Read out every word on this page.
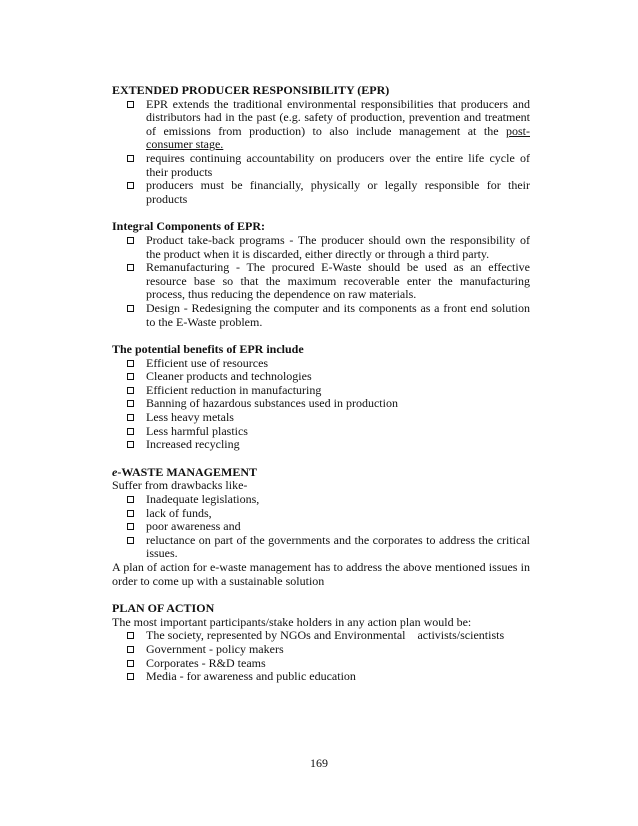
EXTENDED PRODUCER RESPONSIBILITY (EPR)

EPR extends the traditional environmental responsibilities that producers and distributors had in the past (e.g. safety of production, prevention and treatment of emissions from production) to also include management at the post-consumer stage.
requires continuing accountability on producers over the entire life cycle of their products
producers must be financially, physically or legally responsible for their products

Integral Components of EPR:

Product take-back programs - The producer should own the responsibility of the product when it is discarded, either directly or through a third party.
Remanufacturing - The procured E-Waste should be used as an effective resource base so that the maximum recoverable enter the manufacturing process, thus reducing the dependence on raw materials.
Design - Redesigning the computer and its components as a front end solution to the E-Waste problem.

The potential benefits of EPR include

Efficient use of resources
Cleaner products and technologies
Efficient reduction in manufacturing
Banning of hazardous substances used in production
Less heavy metals
Less harmful plastics
Increased recycling

e-WASTE MANAGEMENT

Suffer from drawbacks like-

Inadequate legislations,
lack of funds,
poor awareness and
reluctance on part of the governments and the corporates to address the critical issues.

A plan of action for e-waste management has to address the above mentioned issues in order to come up with a sustainable solution

PLAN OF ACTION

The most important participants/stake holders in any action plan would be:

The society, represented by NGOs and Environmental    activists/scientists
Government - policy makers
Corporates - R&D teams
Media - for awareness and public education

169
